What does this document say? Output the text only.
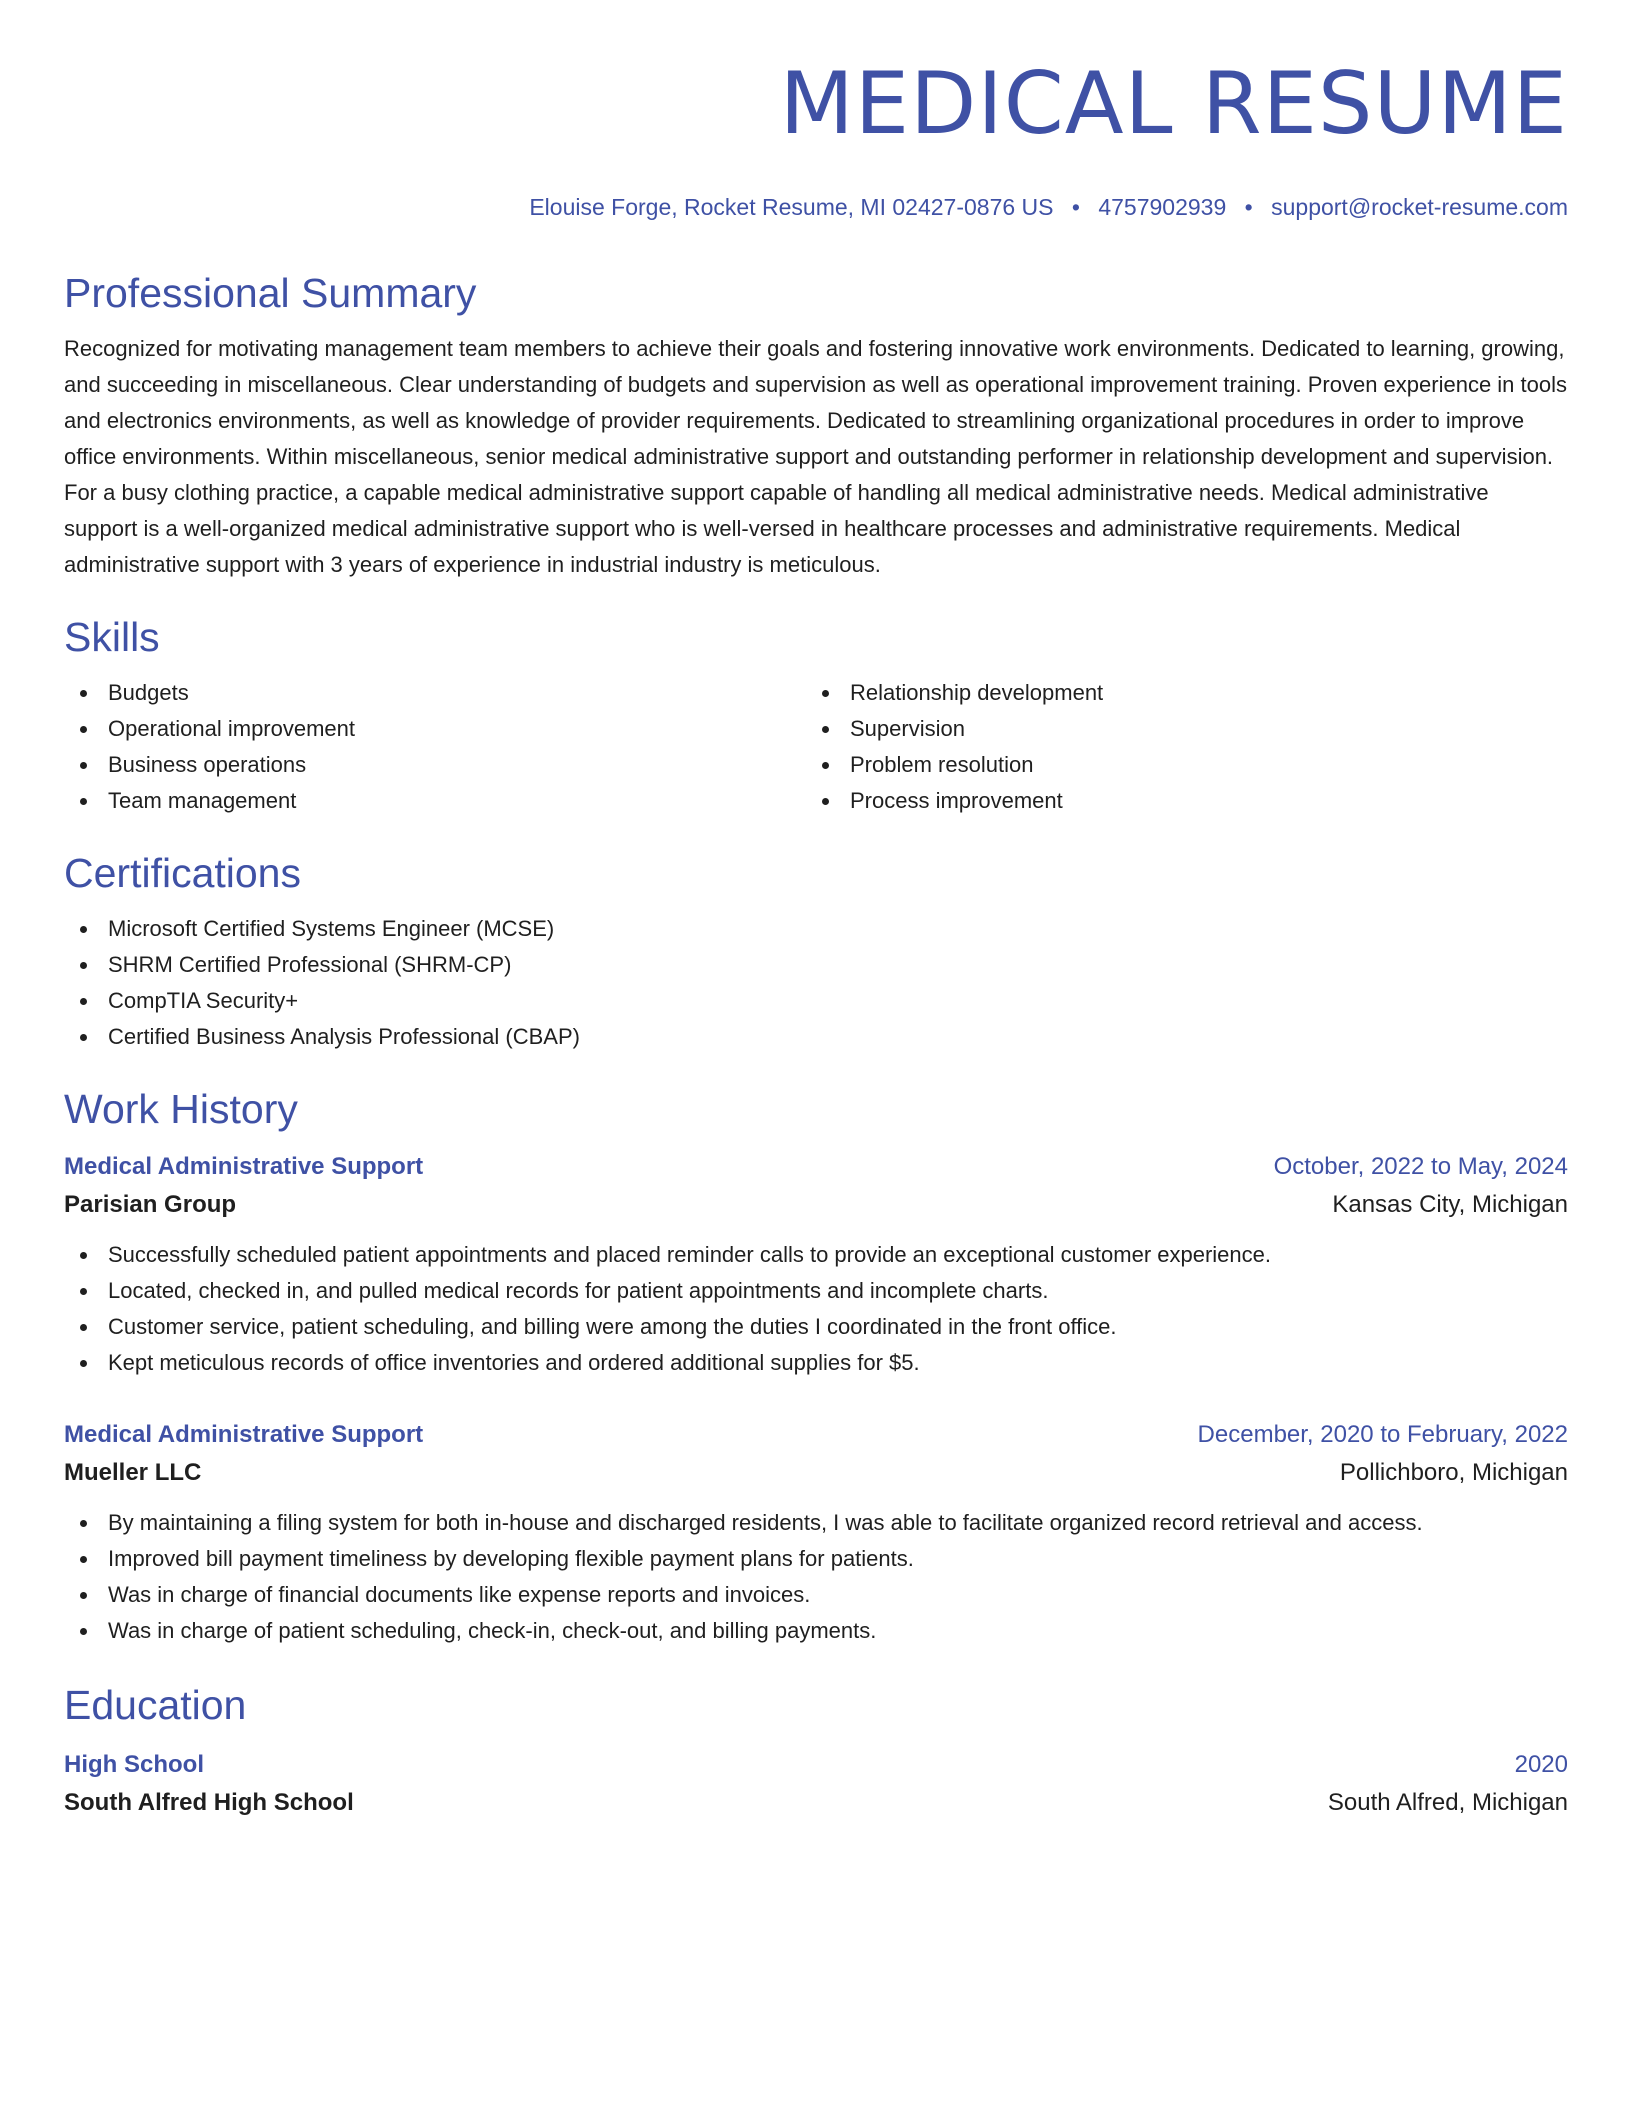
MEDICAL RESUME
Elouise Forge, Rocket Resume, MI 02427-0876 US • 4757902939 • support@rocket-resume.com
Professional Summary

Recognized for motivating management team members to achieve their goals and fostering innovative work environments. Dedicated to learning, growing, and succeeding in miscellaneous. Clear understanding of budgets and supervision as well as operational improvement training. Proven experience in tools and electronics environments, as well as knowledge of provider requirements. Dedicated to streamlining organizational procedures in order to improve office environments. Within miscellaneous, senior medical administrative support and outstanding performer in relationship development and supervision. For a busy clothing practice, a capable medical administrative support capable of handling all medical administrative needs. Medical administrative support is a well-organized medical administrative support who is well-versed in healthcare processes and administrative requirements. Medical administrative support with 3 years of experience in industrial industry is meticulous.

Skills
Budgets
Operational improvement
Business operations
Team management
Relationship development
Supervision
Problem resolution
Process improvement
Certifications
Microsoft Certified Systems Engineer (MCSE)
SHRM Certified Professional (SHRM-CP)
CompTIA Security+
Certified Business Analysis Professional (CBAP)
Work History
Medical Administrative Support	October, 2022 to May, 2024
Parisian Group	Kansas City, Michigan
Successfully scheduled patient appointments and placed reminder calls to provide an exceptional customer experience.
Located, checked in, and pulled medical records for patient appointments and incomplete charts.
Customer service, patient scheduling, and billing were among the duties I coordinated in the front office.
Kept meticulous records of office inventories and ordered additional supplies for $5.
Medical Administrative Support	December, 2020 to February, 2022
Mueller LLC	Pollichboro, Michigan
By maintaining a filing system for both in-house and discharged residents, I was able to facilitate organized record retrieval and access.
Improved bill payment timeliness by developing flexible payment plans for patients.
Was in charge of financial documents like expense reports and invoices.
Was in charge of patient scheduling, check-in, check-out, and billing payments.
Education
High School	2020
South Alfred High School	South Alfred, Michigan
